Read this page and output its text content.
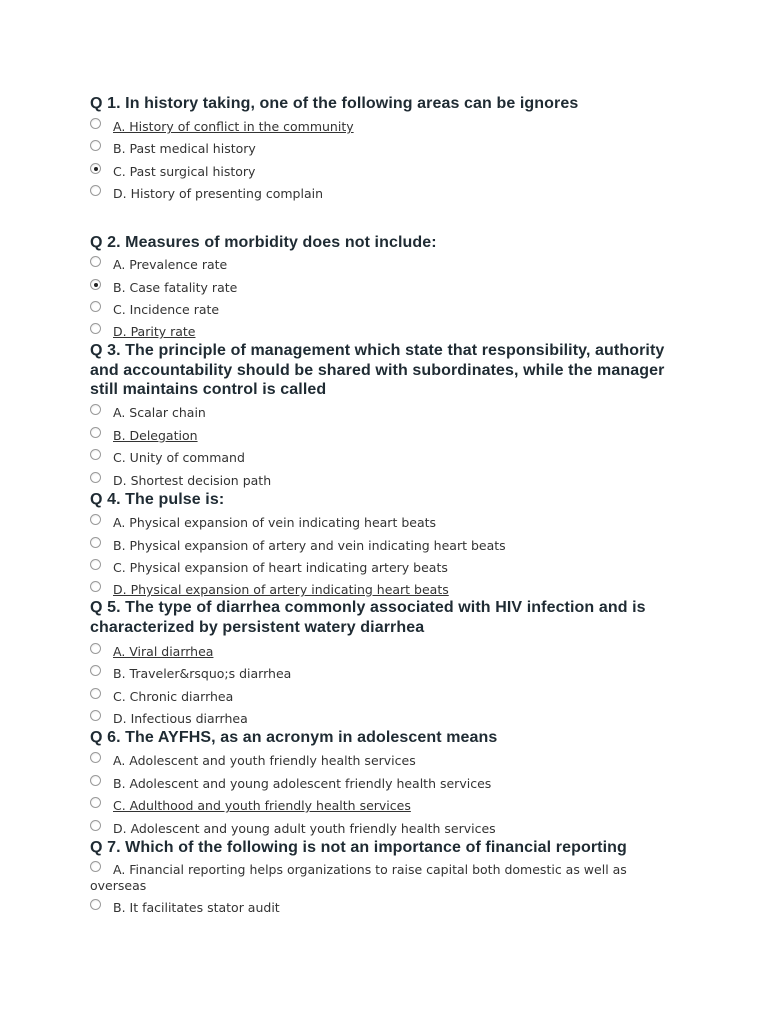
Q 1. In history taking, one of the following areas can be ignores
A. History of conflict in the community
B. Past medical history
C. Past surgical history
D. History of presenting complain
Q 2. Measures of morbidity does not include:
A. Prevalence rate
B. Case fatality rate
C. Incidence rate
D. Parity rate
Q 3. The principle of management which state that responsibility, authority and accountability should be shared with subordinates, while the manager still maintains control is called
A. Scalar chain
B. Delegation
C. Unity of command
D. Shortest decision path
Q 4. The pulse is:
A. Physical expansion of vein indicating heart beats
B. Physical expansion of artery and vein indicating heart beats
C. Physical expansion of heart indicating artery beats
D. Physical expansion of artery indicating heart beats
Q 5. The type of diarrhea commonly associated with HIV infection and is characterized by persistent watery diarrhea
A. Viral diarrhea
B. Traveler&rsquo;s diarrhea
C. Chronic diarrhea
D. Infectious diarrhea
Q 6. The AYFHS, as an acronym in adolescent means
A. Adolescent and youth friendly health services
B. Adolescent and young adolescent friendly health services
C. Adulthood and youth friendly health services
D. Adolescent and young adult youth friendly health services
Q 7. Which of the following is not an importance of financial reporting
A. Financial reporting helps organizations to raise capital both domestic as well as overseas
B. It facilitates stator audit
